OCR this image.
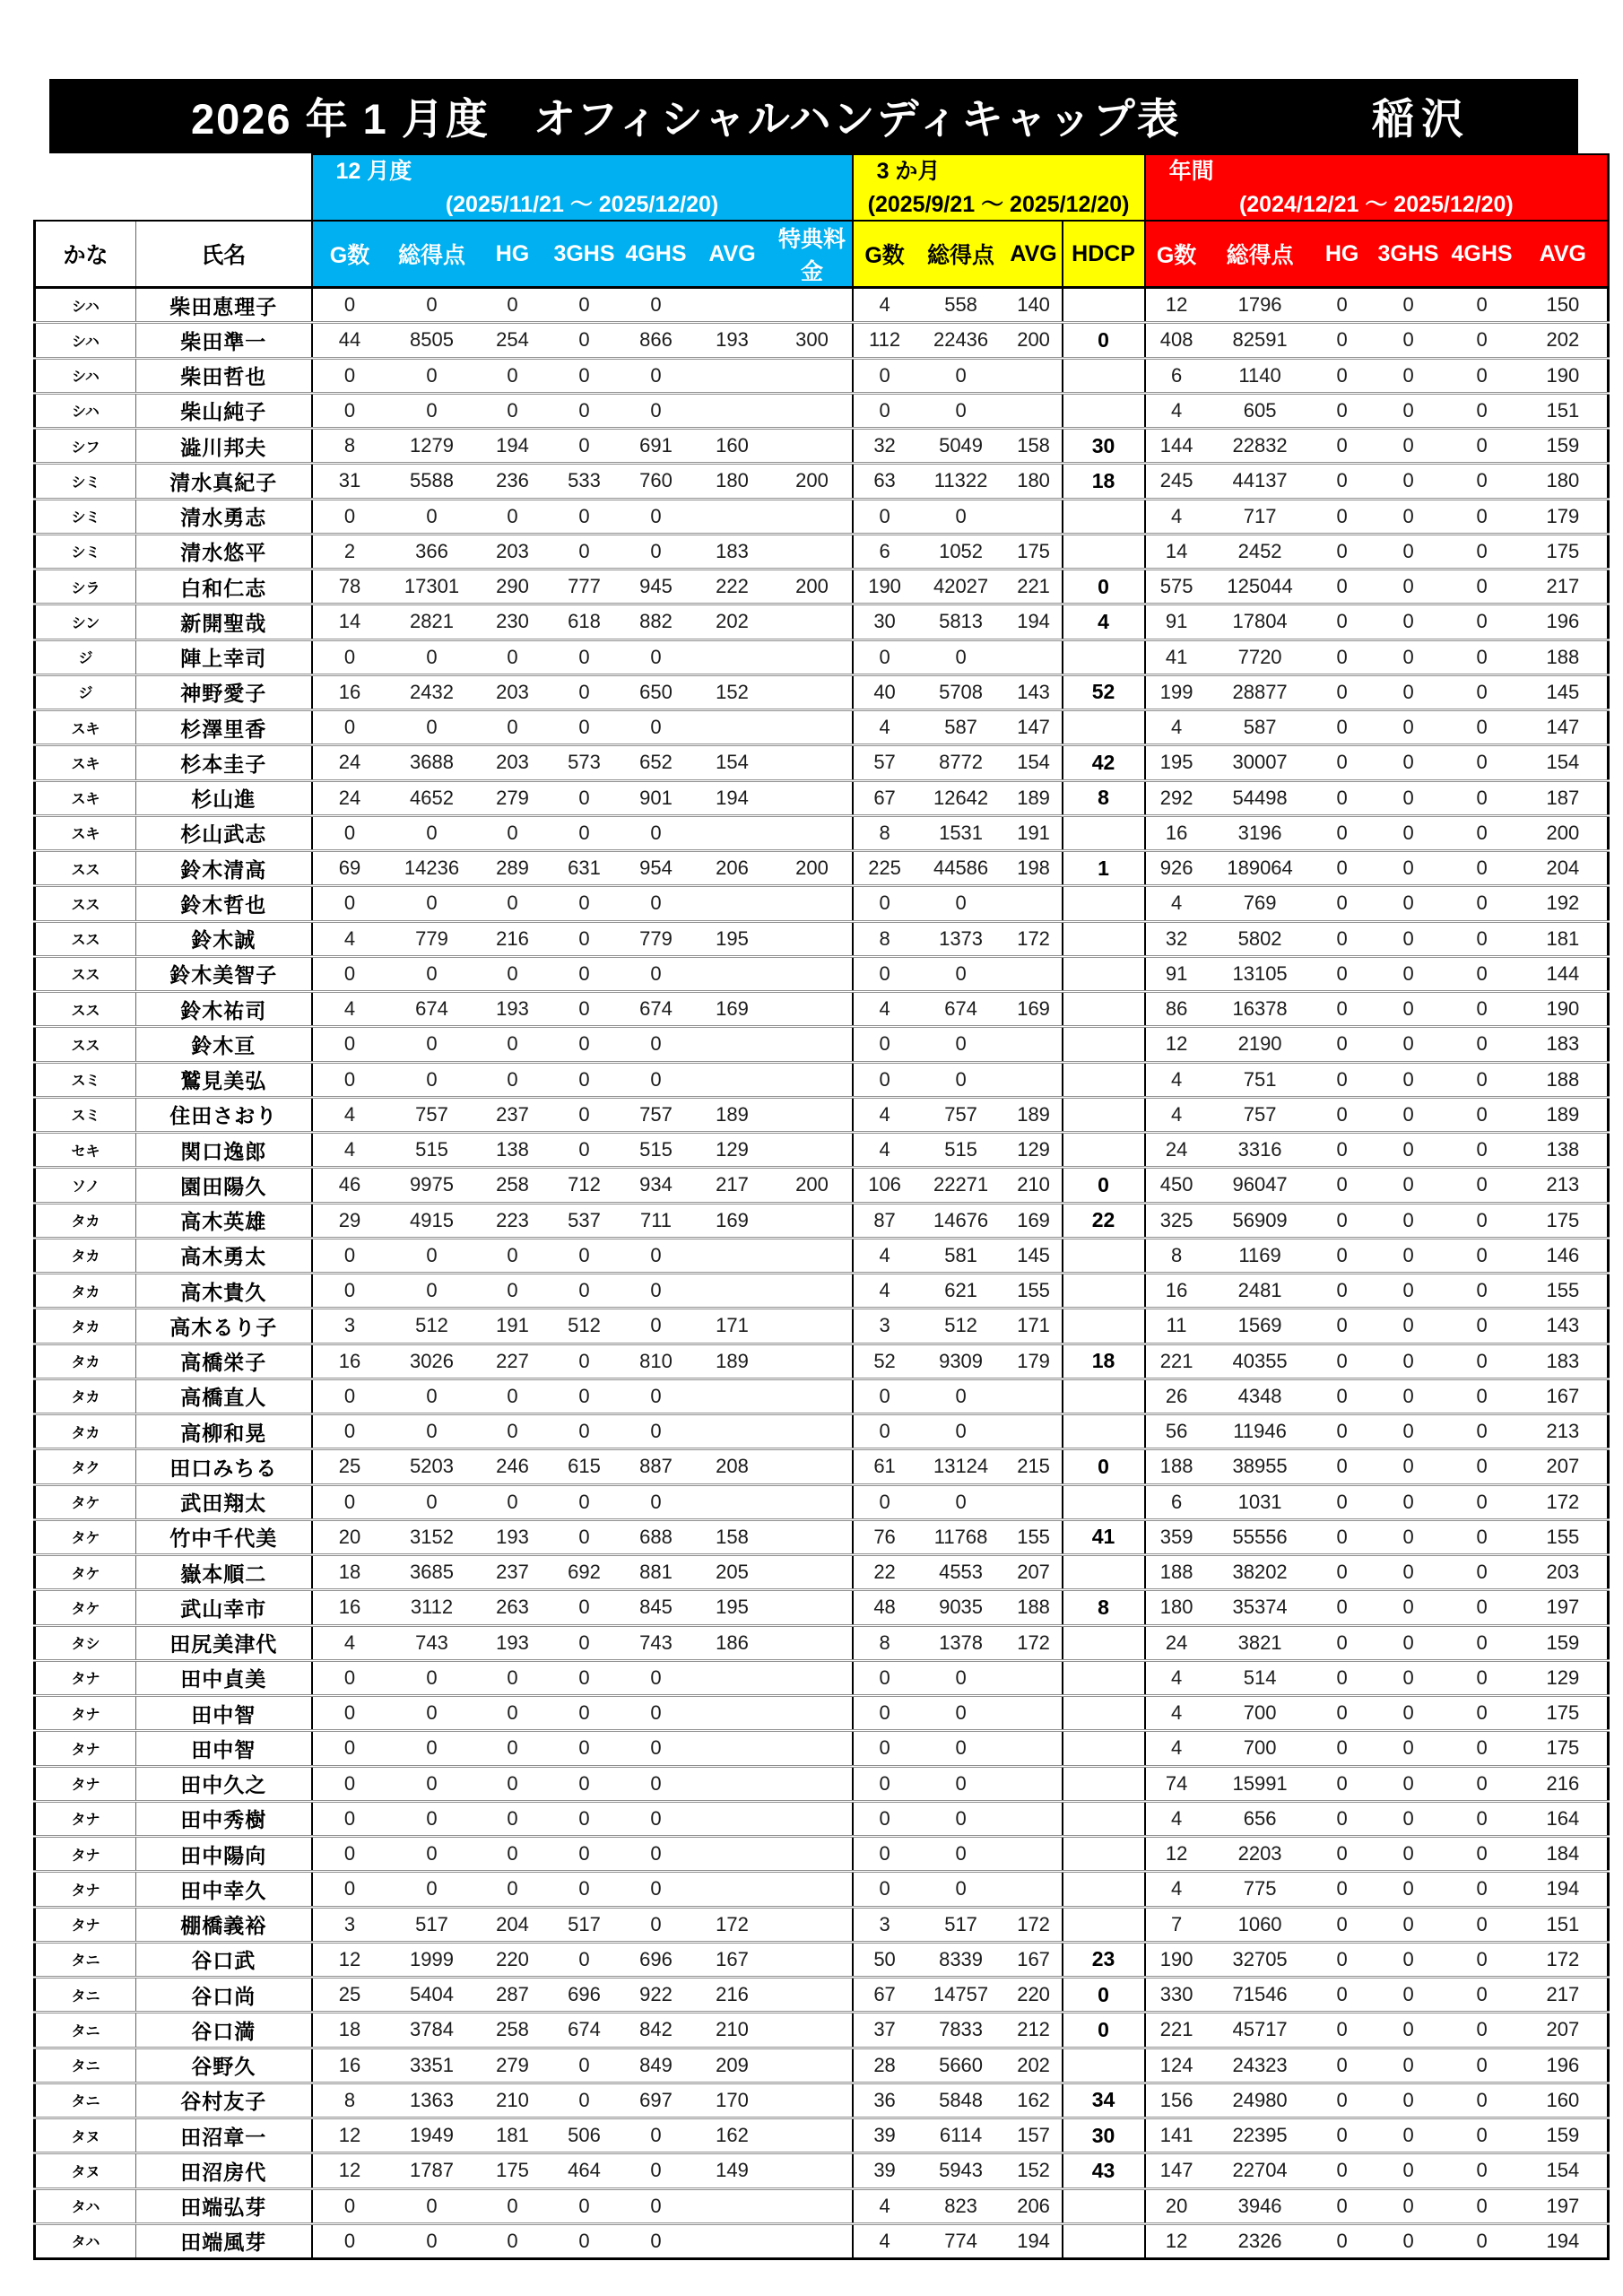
2026 年 1 月度　オフィシャルハンディキャップ表	稲沢

12 月度
(2025/11/21 ～ 2025/12/20)

3 か月
(2025/9/21 ～ 2025/12/20)

年間
(2024/12/21 ～ 2025/12/20)

かな	氏名	G数	総得点	HG	3GHS	4GHS	AVG	特典料金	G数	総得点	AVG	HDCP	G数	総得点	HG	3GHS	4GHS	AVG
シハ	柴田恵理子	0	0	0	0	0			4	558	140		12	1796	0	0	0	150
シハ	柴田準一	44	8505	254	0	866	193	300	112	22436	200	0	408	82591	0	0	0	202
シハ	柴田哲也	0	0	0	0	0			0	0			6	1140	0	0	0	190
シハ	柴山純子	0	0	0	0	0			0	0			4	605	0	0	0	151
シフ	澁川邦夫	8	1279	194	0	691	160		32	5049	158	30	144	22832	0	0	0	159
シミ	清水真紀子	31	5588	236	533	760	180	200	63	11322	180	18	245	44137	0	0	0	180
シミ	清水勇志	0	0	0	0	0			0	0			4	717	0	0	0	179
シミ	清水悠平	2	366	203	0	0	183		6	1052	175		14	2452	0	0	0	175
シラ	白和仁志	78	17301	290	777	945	222	200	190	42027	221	0	575	125044	0	0	0	217
シン	新開聖哉	14	2821	230	618	882	202		30	5813	194	4	91	17804	0	0	0	196
ジ	陣上幸司	0	0	0	0	0			0	0			41	7720	0	0	0	188
ジ	神野愛子	16	2432	203	0	650	152		40	5708	143	52	199	28877	0	0	0	145
スキ	杉澤里香	0	0	0	0	0			4	587	147		4	587	0	0	0	147
スキ	杉本圭子	24	3688	203	573	652	154		57	8772	154	42	195	30007	0	0	0	154
スキ	杉山進	24	4652	279	0	901	194		67	12642	189	8	292	54498	0	0	0	187
スキ	杉山武志	0	0	0	0	0			8	1531	191		16	3196	0	0	0	200
スス	鈴木清高	69	14236	289	631	954	206	200	225	44586	198	1	926	189064	0	0	0	204
スス	鈴木哲也	0	0	0	0	0			0	0			4	769	0	0	0	192
スス	鈴木誠	4	779	216	0	779	195		8	1373	172		32	5802	0	0	0	181
スス	鈴木美智子	0	0	0	0	0			0	0			91	13105	0	0	0	144
スス	鈴木祐司	4	674	193	0	674	169		4	674	169		86	16378	0	0	0	190
スス	鈴木亘	0	0	0	0	0			0	0			12	2190	0	0	0	183
スミ	鷲見美弘	0	0	0	0	0			0	0			4	751	0	0	0	188
スミ	住田さおり	4	757	237	0	757	189		4	757	189		4	757	0	0	0	189
セキ	関口逸郎	4	515	138	0	515	129		4	515	129		24	3316	0	0	0	138
ソノ	園田陽久	46	9975	258	712	934	217	200	106	22271	210	0	450	96047	0	0	0	213
タカ	高木英雄	29	4915	223	537	711	169		87	14676	169	22	325	56909	0	0	0	175
タカ	高木勇太	0	0	0	0	0			4	581	145		8	1169	0	0	0	146
タカ	高木貴久	0	0	0	0	0			4	621	155		16	2481	0	0	0	155
タカ	高木るり子	3	512	191	512	0	171		3	512	171		11	1569	0	0	0	143
タカ	高橋栄子	16	3026	227	0	810	189		52	9309	179	18	221	40355	0	0	0	183
タカ	高橋直人	0	0	0	0	0			0	0			26	4348	0	0	0	167
タカ	高柳和晃	0	0	0	0	0			0	0			56	11946	0	0	0	213
タク	田口みちる	25	5203	246	615	887	208		61	13124	215	0	188	38955	0	0	0	207
タケ	武田翔太	0	0	0	0	0			0	0			6	1031	0	0	0	172
タケ	竹中千代美	20	3152	193	0	688	158		76	11768	155	41	359	55556	0	0	0	155
タケ	嶽本順二	18	3685	237	692	881	205		22	4553	207		188	38202	0	0	0	203
タケ	武山幸市	16	3112	263	0	845	195		48	9035	188	8	180	35374	0	0	0	197
タシ	田尻美津代	4	743	193	0	743	186		8	1378	172		24	3821	0	0	0	159
タナ	田中貞美	0	0	0	0	0			0	0			4	514	0	0	0	129
タナ	田中智	0	0	0	0	0			0	0			4	700	0	0	0	175
タナ	田中智	0	0	0	0	0			0	0			4	700	0	0	0	175
タナ	田中久之	0	0	0	0	0			0	0			74	15991	0	0	0	216
タナ	田中秀樹	0	0	0	0	0			0	0			4	656	0	0	0	164
タナ	田中陽向	0	0	0	0	0			0	0			12	2203	0	0	0	184
タナ	田中幸久	0	0	0	0	0			0	0			4	775	0	0	0	194
タナ	棚橋義裕	3	517	204	517	0	172		3	517	172		7	1060	0	0	0	151
タニ	谷口武	12	1999	220	0	696	167		50	8339	167	23	190	32705	0	0	0	172
タニ	谷口尚	25	5404	287	696	922	216		67	14757	220	0	330	71546	0	0	0	217
タニ	谷口満	18	3784	258	674	842	210		37	7833	212	0	221	45717	0	0	0	207
タニ	谷野久	16	3351	279	0	849	209		28	5660	202		124	24323	0	0	0	196
タニ	谷村友子	8	1363	210	0	697	170		36	5848	162	34	156	24980	0	0	0	160
タヌ	田沼章一	12	1949	181	506	0	162		39	6114	157	30	141	22395	0	0	0	159
タヌ	田沼房代	12	1787	175	464	0	149		39	5943	152	43	147	22704	0	0	0	154
タハ	田端弘芽	0	0	0	0	0			4	823	206		20	3946	0	0	0	197
タハ	田端風芽	0	0	0	0	0			4	774	194		12	2326	0	0	0	194
